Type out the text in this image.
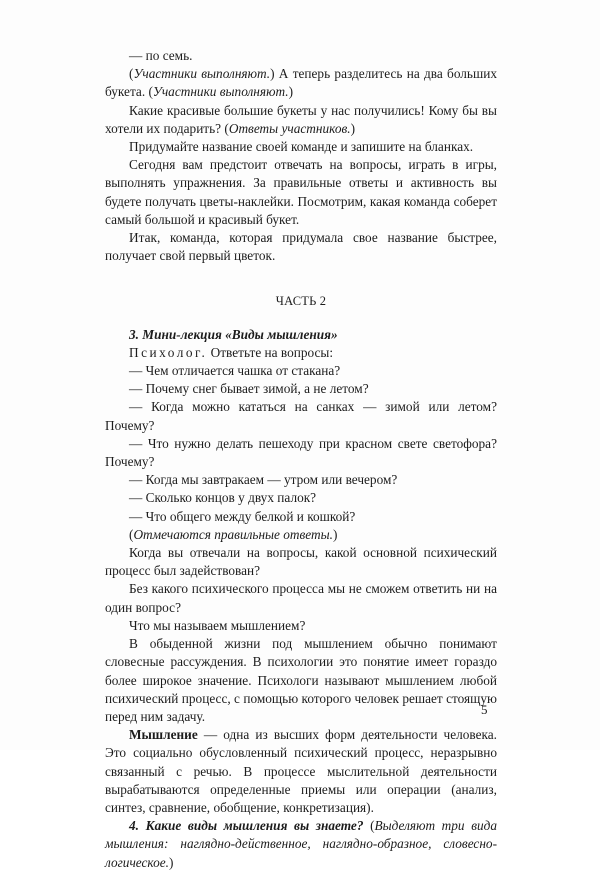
— по семь.

(Участники выполняют.) А теперь разделитесь на два больших букета. (Участники выполняют.)

Какие красивые большие букеты у нас получились! Кому бы вы хотели их подарить? (Ответы участников.)

Придумайте название своей команде и запишите на бланках.

Сегодня вам предстоит отвечать на вопросы, играть в игры, выполнять упражнения. За правильные ответы и активность вы будете получать цветы-наклейки. Посмотрим, какая команда соберет самый большой и красивый букет.

Итак, команда, которая придумала свое название быстрее, получает свой первый цветок.

ЧАСТЬ 2

3. Мини-лекция «Виды мышления»

Психолог. Ответьте на вопросы:

— Чем отличается чашка от стакана?

— Почему снег бывает зимой, а не летом?

— Когда можно кататься на санках — зимой или летом? Почему?

— Что нужно делать пешеходу при красном свете светофора? Почему?

— Когда мы завтракаем — утром или вечером?

— Сколько концов у двух палок?

— Что общего между белкой и кошкой?

(Отмечаются правильные ответы.)

Когда вы отвечали на вопросы, какой основной психический процесс был задействован?

Без какого психического процесса мы не сможем ответить ни на один вопрос?

Что мы называем мышлением?

В обыденной жизни под мышлением обычно понимают словесные рассуждения. В психологии это понятие имеет гораздо более широкое значение. Психологи называют мышлением любой психический процесс, с помощью которого человек решает стоящую перед ним задачу.

Мышление — одна из высших форм деятельности человека. Это социально обусловленный психический процесс, неразрывно связанный с речью. В процессе мыслительной деятельности вырабатываются определенные приемы или операции (анализ, синтез, сравнение, обобщение, конкретизация).

4. Какие виды мышления вы знаете? (Выделяют три вида мышления: наглядно-действенное, наглядно-образное, словесно-логическое.)

5
